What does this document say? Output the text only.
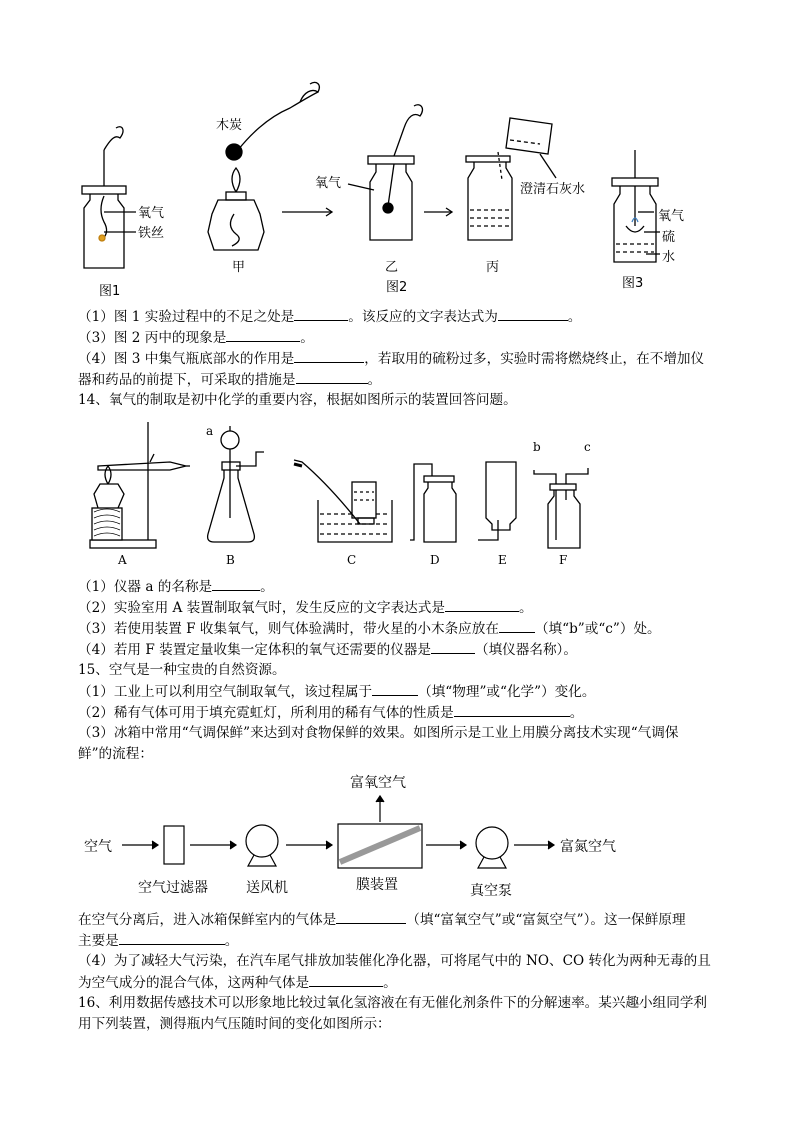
氧气
铁丝
图1
木炭
甲
氧气
乙
图2
丙
澄清石灰水
氧气
硫
水
图3
（1）图 1 实验过程中的不足之处是	。该反应的文字表达式为	。
（3）图 2 丙中的现象是	。
（4）图 3 中集气瓶底部水的作用是	，若取用的硫粉过多，实验时需将燃烧终止，在不增加仪
器和药品的前提下，可采取的措施是	。
14、氧气的制取是初中化学的重要内容，根据如图所示的装置回答问题。
a
b	c
A	B	C	D	E	F
（1）仪器 a 的名称是	。
（2）实验室用 A 装置制取氧气时，发生反应的文字表达式是	。
（3）若使用装置 F 收集氧气，则气体验满时，带火星的小木条应放在	（填“b”或“c”）处。
（4）若用 F 装置定量收集一定体积的氧气还需要的仪器是	（填仪器名称）。
15、空气是一种宝贵的自然资源。
（1）工业上可以利用空气制取氧气，该过程属于	（填“物理”或“化学”）变化。
（2）稀有气体可用于填充霓虹灯，所利用的稀有气体的性质是	。
（3）冰箱中常用“气调保鲜”来达到对食物保鲜的效果。如图所示是工业上用膜分离技术实现“气调保
鲜”的流程：
空气
空气过滤器	送风机	膜装置	真空泵
富氧空气
富氮空气
在空气分离后，进入冰箱保鲜室内的气体是	（填“富氧空气”或“富氮空气”）。这一保鲜原理
主要是	。
（4）为了减轻大气污染，在汽车尾气排放加装催化净化器，可将尾气中的 NO、CO 转化为两种无毒的且
为空气成分的混合气体，这两种气体是	。
16、利用数据传感技术可以形象地比较过氧化氢溶液在有无催化剂条件下的分解速率。某兴趣小组同学利
用下列装置，测得瓶内气压随时间的变化如图所示：
